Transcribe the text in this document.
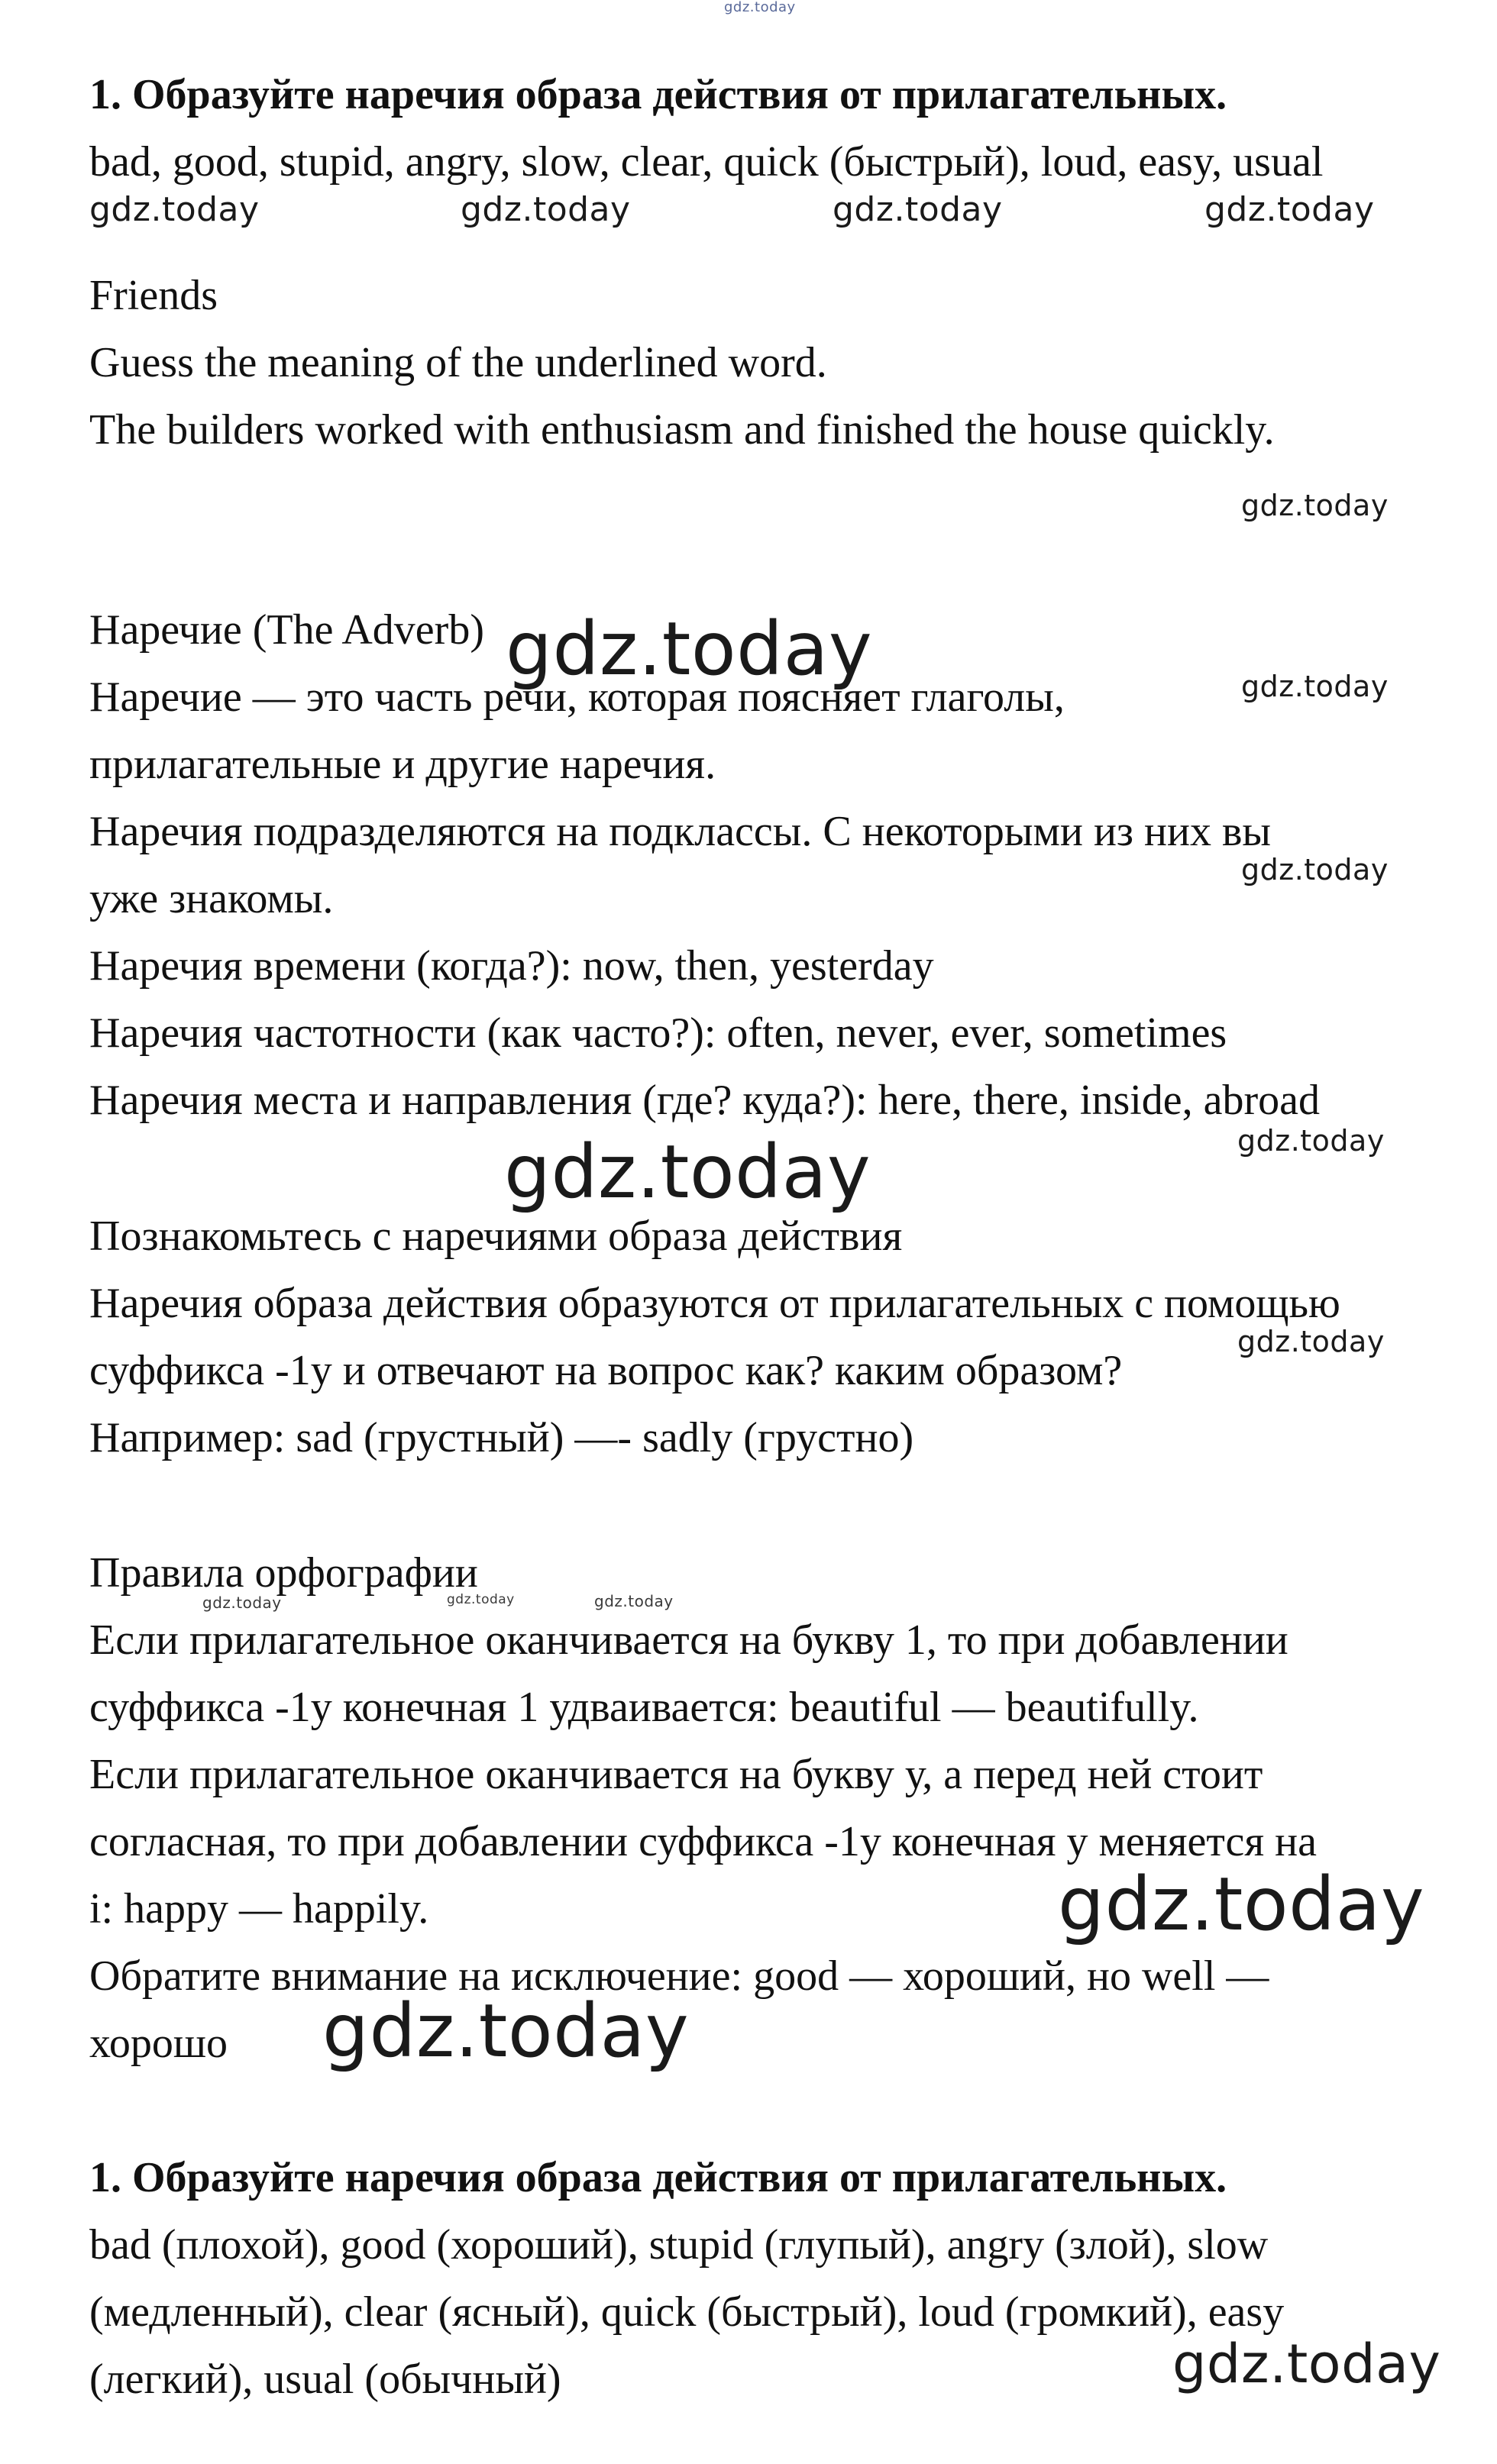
gdz.today
1. Образуйте наречия образа действия от прилагательных.
bad, good, stupid, angry, slow, clear, quick (быстрый), loud, easy, usual
gdz.today	gdz.today	gdz.today	gdz.today
Friends
Guess the meaning of the underlined word.
The builders worked with enthusiasm and finished the house quickly.
gdz.today
Наречие (The Adverb) gdz.today	gdz.today
Наречие — это часть речи, которая поясняет глаголы,
прилагательные и другие наречия.
Наречия подразделяются на подклассы. С некоторыми из них вы
gdz.today
уже знакомы.
Наречия времени (когда?): now, then, yesterday
Наречия частотности (как часто?): often, never, ever, sometimes
Наречия места и направления (где? куда?): here, there, inside, abroad
gdz.today
gdz.today
Познакомьтесь с наречиями образа действия
Наречия образа действия образуются от прилагательных с помощью
gdz.today
суффикса -1у и отвечают на вопрос как? каким образом?
Например: sad (грустный) —- sadly (грустно)
Правила орфографии
gdz.today	gdz.today	gdz.today
Если прилагательное оканчивается на букву 1, то при добавлении
суффикса -1у конечная 1 удваивается: beautiful — beautifully.
Если прилагательное оканчивается на букву у, а перед ней стоит
согласная, то при добавлении суффикса -1у конечная у меняется на
i: happy — happily.	gdz.today
Обратите внимание на исключение: good — хороший, но well —
хорошо gdz.today
1. Образуйте наречия образа действия от прилагательных.
bad (плохой), good (хороший), stupid (глупый), angry (злой), slow
(медленный), clear (ясный), quick (быстрый), loud (громкий), easy
(легкий), usual (обычный)	gdz.today
